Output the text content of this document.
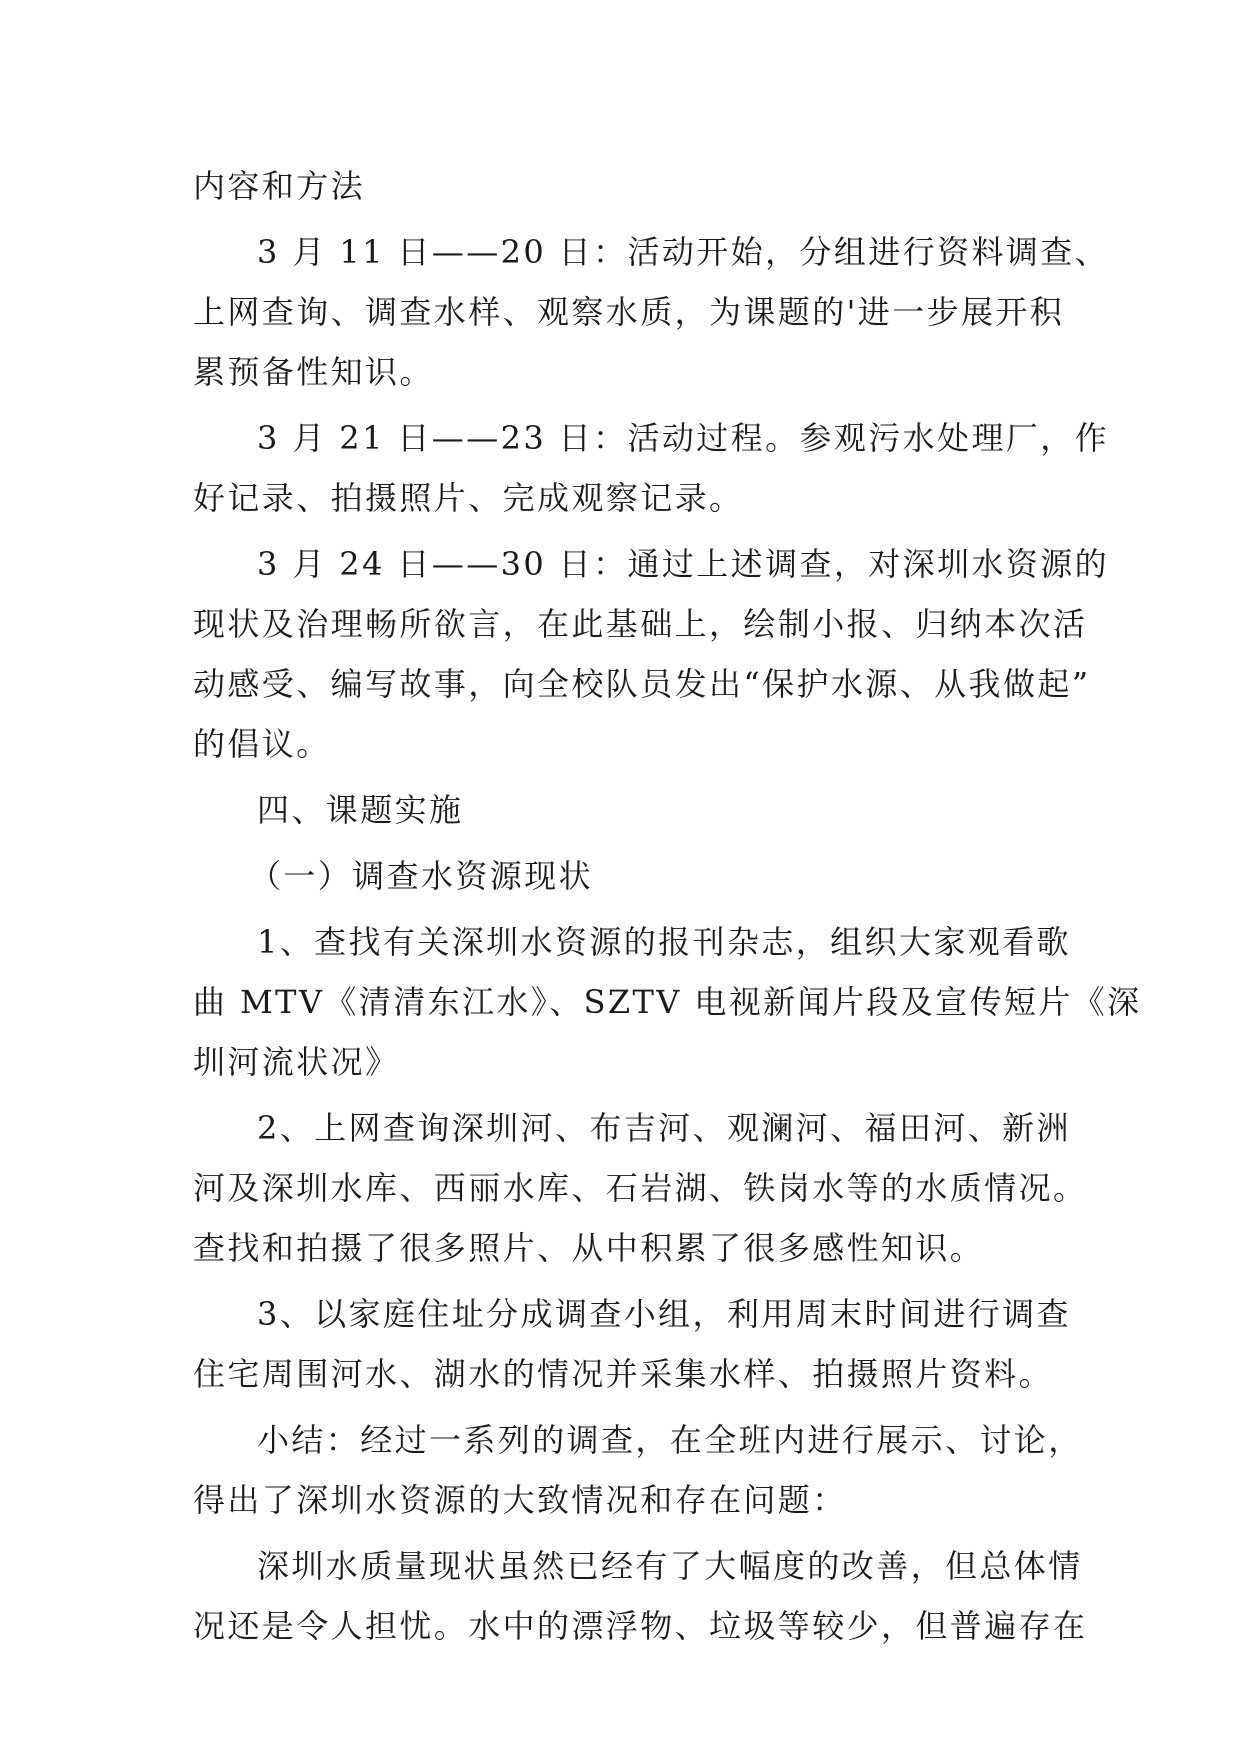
内容和方法
3 月 11 日——20 日：活动开始，分组进行资料调查、
上网查询、调查水样、观察水质，为课题的'进一步展开积
累预备性知识。
3 月 21 日——23 日：活动过程。参观污水处理厂，作
好记录、拍摄照片、完成观察记录。
3 月 24 日——30 日：通过上述调查，对深圳水资源的
现状及治理畅所欲言，在此基础上，绘制小报、归纳本次活
动感受、编写故事，向全校队员发出“保护水源、从我做起”
的倡议。
四、课题实施
（一）调查水资源现状
1、查找有关深圳水资源的报刊杂志，组织大家观看歌
曲 MTV《清清东江水》、SZTV 电视新闻片段及宣传短片《深
圳河流状况》
2、上网查询深圳河、布吉河、观澜河、福田河、新洲
河及深圳水库、西丽水库、石岩湖、铁岗水等的水质情况。
查找和拍摄了很多照片、从中积累了很多感性知识。
3、以家庭住址分成调查小组，利用周末时间进行调查
住宅周围河水、湖水的情况并采集水样、拍摄照片资料。
小结：经过一系列的调查，在全班内进行展示、讨论，
得出了深圳水资源的大致情况和存在问题：
深圳水质量现状虽然已经有了大幅度的改善，但总体情
况还是令人担忧。水中的漂浮物、垃圾等较少，但普遍存在
